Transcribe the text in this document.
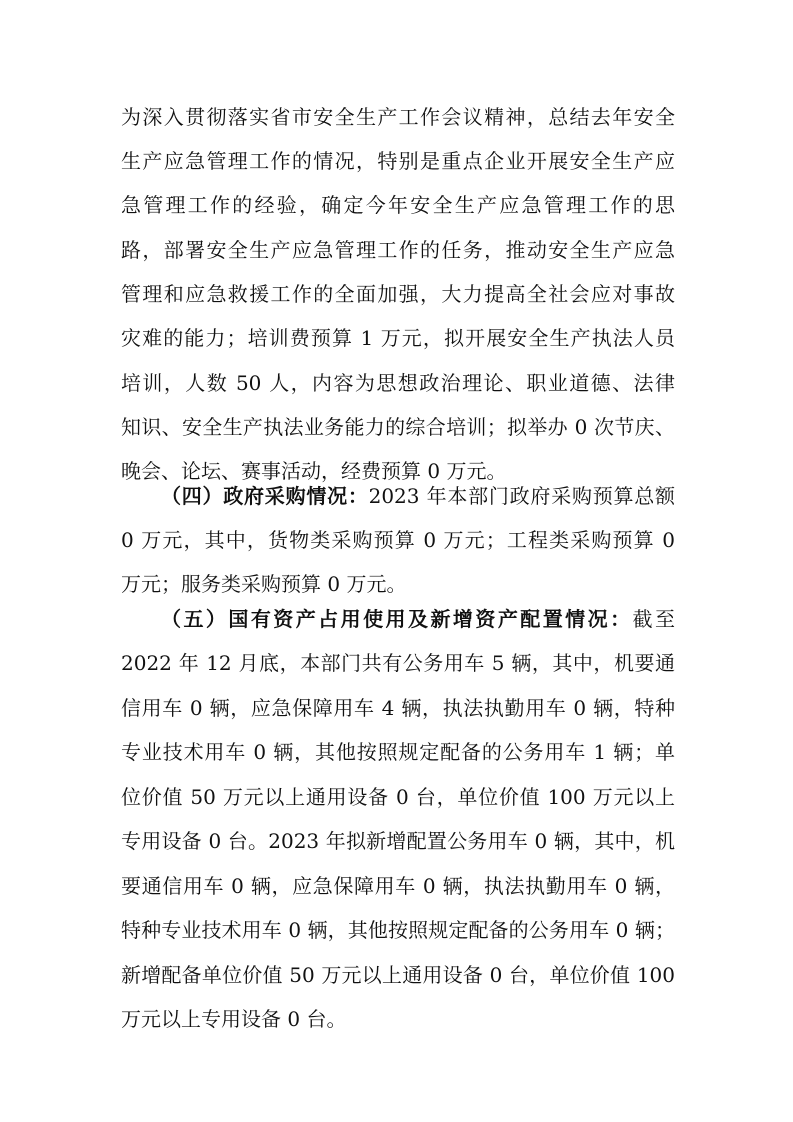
为深入贯彻落实省市安全生产工作会议精神，总结去年安全
生产应急管理工作的情况，特别是重点企业开展安全生产应
急管理工作的经验，确定今年安全生产应急管理工作的思
路，部署安全生产应急管理工作的任务，推动安全生产应急
管理和应急救援工作的全面加强，大力提高全社会应对事故
灾难的能力；培训费预算 1 万元，拟开展安全生产执法人员
培训，人数 50 人，内容为思想政治理论、职业道德、法律
知识、安全生产执法业务能力的综合培训；拟举办 0 次节庆、
晚会、论坛、赛事活动，经费预算 0 万元。
（四）政府采购情况：2023 年本部门政府采购预算总额
0 万元，其中，货物类采购预算 0 万元；工程类采购预算 0
万元；服务类采购预算 0 万元。
（五）国有资产占用使用及新增资产配置情况：截至
2022 年 12 月底，本部门共有公务用车 5 辆，其中，机要通
信用车 0 辆，应急保障用车 4 辆，执法执勤用车 0 辆，特种
专业技术用车 0 辆，其他按照规定配备的公务用车 1 辆；单
位价值 50 万元以上通用设备 0 台，单位价值 100 万元以上
专用设备 0 台。2023 年拟新增配置公务用车 0 辆，其中，机
要通信用车 0 辆，应急保障用车 0 辆，执法执勤用车 0 辆，
特种专业技术用车 0 辆，其他按照规定配备的公务用车 0 辆；
新增配备单位价值 50 万元以上通用设备 0 台，单位价值 100
万元以上专用设备 0 台。
